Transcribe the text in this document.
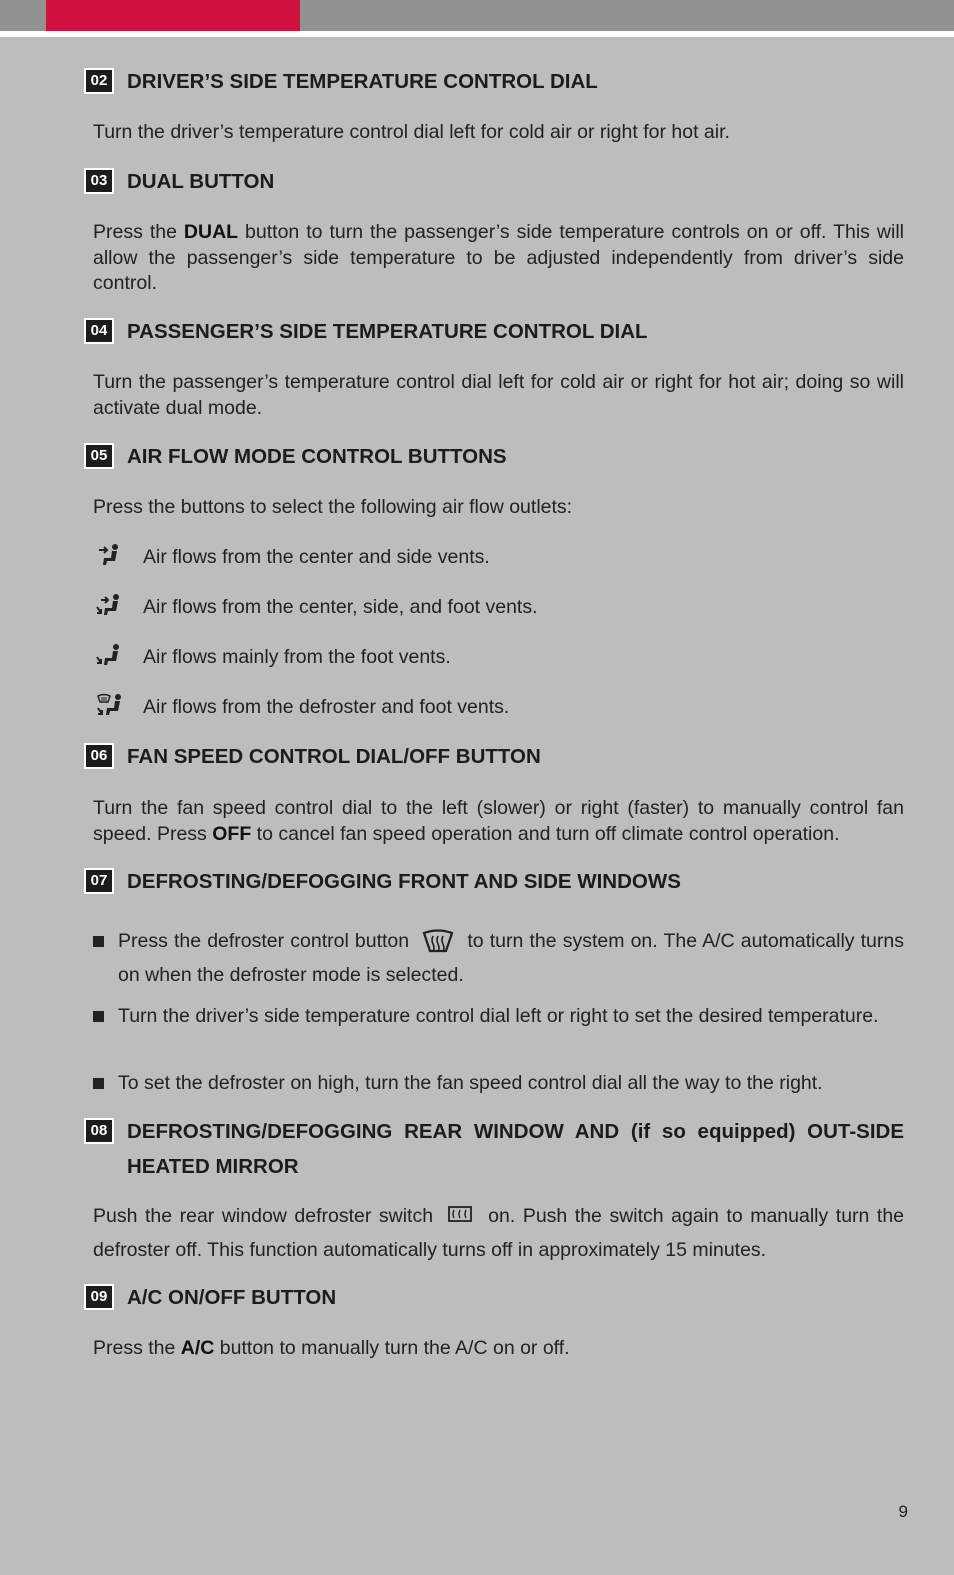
02 DRIVER’S SIDE TEMPERATURE CONTROL DIAL
Turn the driver’s temperature control dial left for cold air or right for hot air.
03 DUAL BUTTON
Press the DUAL button to turn the passenger’s side temperature controls on or off. This will allow the passenger’s side temperature to be adjusted independently from driver’s side control.
04 PASSENGER’S SIDE TEMPERATURE CONTROL DIAL
Turn the passenger’s temperature control dial left for cold air or right for hot air; doing so will activate dual mode.
05 AIR FLOW MODE CONTROL BUTTONS
Press the buttons to select the following air flow outlets:
Air flows from the center and side vents.
Air flows from the center, side, and foot vents.
Air flows mainly from the foot vents.
Air flows from the defroster and foot vents.
06 FAN SPEED CONTROL DIAL/OFF BUTTON
Turn the fan speed control dial to the left (slower) or right (faster) to manually control fan speed. Press OFF to cancel fan speed operation and turn off climate control operation.
07 DEFROSTING/DEFOGGING FRONT AND SIDE WINDOWS
Press the defroster control button	to turn the system on. The A/C automatically turns on when the defroster mode is selected.
Turn the driver’s side temperature control dial left or right to set the desired temperature.
To set the defroster on high, turn the fan speed control dial all the way to the right.
08 DEFROSTING/DEFOGGING REAR WINDOW AND (if so equipped) OUT-SIDE HEATED MIRROR
Push the rear window defroster switch	on. Push the switch again to manually turn the defroster off. This function automatically turns off in approximately 15 minutes.
09 A/C ON/OFF BUTTON
Press the A/C button to manually turn the A/C on or off.
9
